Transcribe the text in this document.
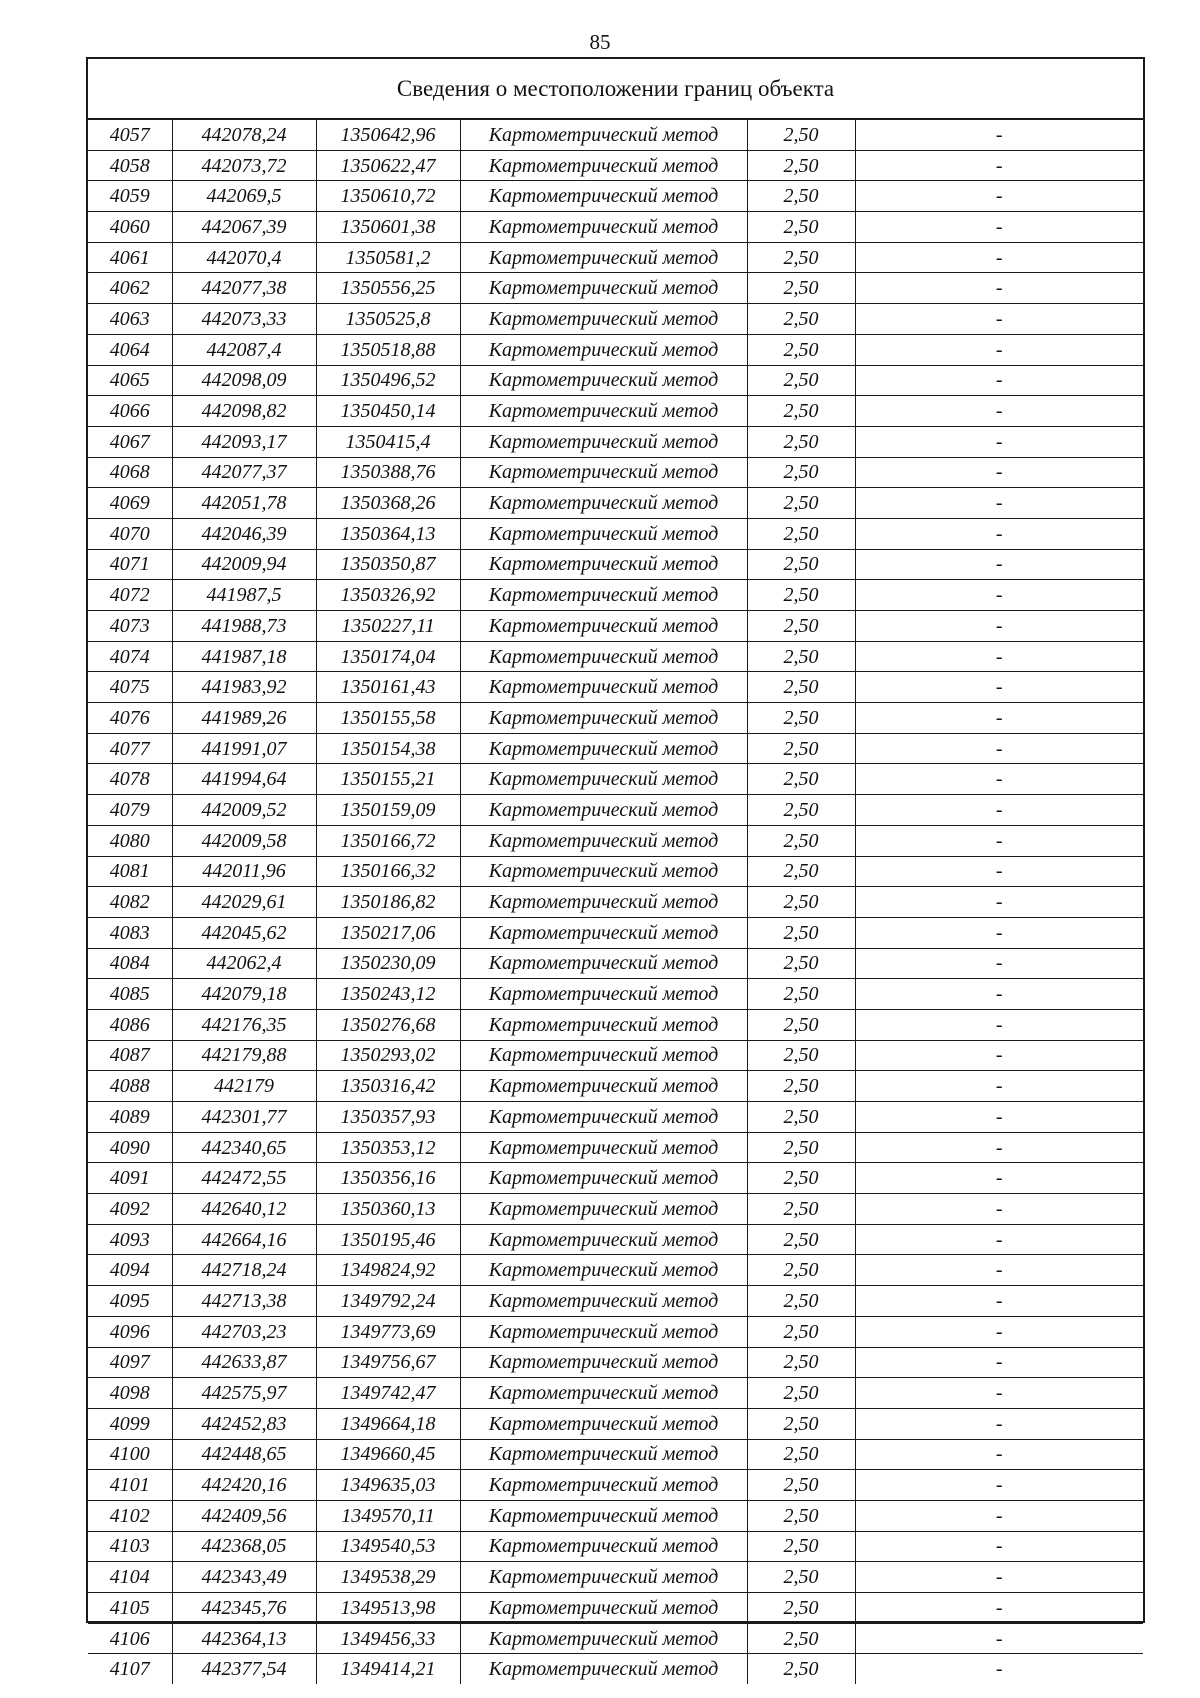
85
Сведения о местоположении границ объекта
4057	442078,24	1350642,96	Картометрический метод	2,50	-
4058	442073,72	1350622,47	Картометрический метод	2,50	-
4059	442069,5	1350610,72	Картометрический метод	2,50	-
4060	442067,39	1350601,38	Картометрический метод	2,50	-
4061	442070,4	1350581,2	Картометрический метод	2,50	-
4062	442077,38	1350556,25	Картометрический метод	2,50	-
4063	442073,33	1350525,8	Картометрический метод	2,50	-
4064	442087,4	1350518,88	Картометрический метод	2,50	-
4065	442098,09	1350496,52	Картометрический метод	2,50	-
4066	442098,82	1350450,14	Картометрический метод	2,50	-
4067	442093,17	1350415,4	Картометрический метод	2,50	-
4068	442077,37	1350388,76	Картометрический метод	2,50	-
4069	442051,78	1350368,26	Картометрический метод	2,50	-
4070	442046,39	1350364,13	Картометрический метод	2,50	-
4071	442009,94	1350350,87	Картометрический метод	2,50	-
4072	441987,5	1350326,92	Картометрический метод	2,50	-
4073	441988,73	1350227,11	Картометрический метод	2,50	-
4074	441987,18	1350174,04	Картометрический метод	2,50	-
4075	441983,92	1350161,43	Картометрический метод	2,50	-
4076	441989,26	1350155,58	Картометрический метод	2,50	-
4077	441991,07	1350154,38	Картометрический метод	2,50	-
4078	441994,64	1350155,21	Картометрический метод	2,50	-
4079	442009,52	1350159,09	Картометрический метод	2,50	-
4080	442009,58	1350166,72	Картометрический метод	2,50	-
4081	442011,96	1350166,32	Картометрический метод	2,50	-
4082	442029,61	1350186,82	Картометрический метод	2,50	-
4083	442045,62	1350217,06	Картометрический метод	2,50	-
4084	442062,4	1350230,09	Картометрический метод	2,50	-
4085	442079,18	1350243,12	Картометрический метод	2,50	-
4086	442176,35	1350276,68	Картометрический метод	2,50	-
4087	442179,88	1350293,02	Картометрический метод	2,50	-
4088	442179	1350316,42	Картометрический метод	2,50	-
4089	442301,77	1350357,93	Картометрический метод	2,50	-
4090	442340,65	1350353,12	Картометрический метод	2,50	-
4091	442472,55	1350356,16	Картометрический метод	2,50	-
4092	442640,12	1350360,13	Картометрический метод	2,50	-
4093	442664,16	1350195,46	Картометрический метод	2,50	-
4094	442718,24	1349824,92	Картометрический метод	2,50	-
4095	442713,38	1349792,24	Картометрический метод	2,50	-
4096	442703,23	1349773,69	Картометрический метод	2,50	-
4097	442633,87	1349756,67	Картометрический метод	2,50	-
4098	442575,97	1349742,47	Картометрический метод	2,50	-
4099	442452,83	1349664,18	Картометрический метод	2,50	-
4100	442448,65	1349660,45	Картометрический метод	2,50	-
4101	442420,16	1349635,03	Картометрический метод	2,50	-
4102	442409,56	1349570,11	Картометрический метод	2,50	-
4103	442368,05	1349540,53	Картометрический метод	2,50	-
4104	442343,49	1349538,29	Картометрический метод	2,50	-
4105	442345,76	1349513,98	Картометрический метод	2,50	-
4106	442364,13	1349456,33	Картометрический метод	2,50	-
4107	442377,54	1349414,21	Картометрический метод	2,50	-
